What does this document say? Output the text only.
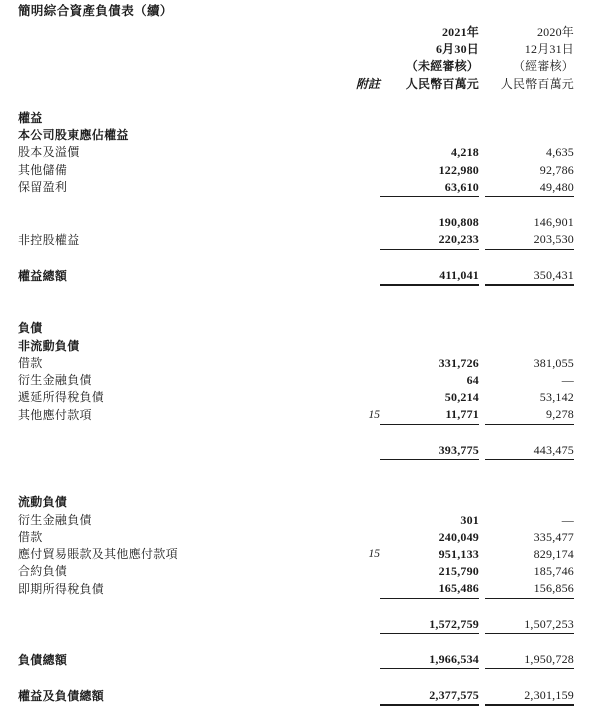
簡明綜合資產負債表（續）
		2021年		2020年
		6月30日		12月31日
		（未經審核）		（經審核）
	附註	人民幣百萬元		人民幣百萬元

權益				
本公司股東應佔權益				
股本及溢價		4,218		4,635
其他儲備		122,980		92,786
保留盈利		63,610		49,480

		190,808		146,901
非控股權益		220,233		203,530

權益總額		411,041		350,431

負債				
非流動負債				
借款		331,726		381,055
衍生金融負債		64		—
遞延所得稅負債		50,214		53,142
其他應付款項	15	11,771		9,278

		393,775		443,475

流動負債				
衍生金融負債		301		—
借款		240,049		335,477
應付貿易賬款及其他應付款項	15	951,133		829,174
合約負債		215,790		185,746
即期所得稅負債		165,486		156,856

		1,572,759		1,507,253

負債總額		1,966,534		1,950,728

權益及負債總額		2,377,575		2,301,159
